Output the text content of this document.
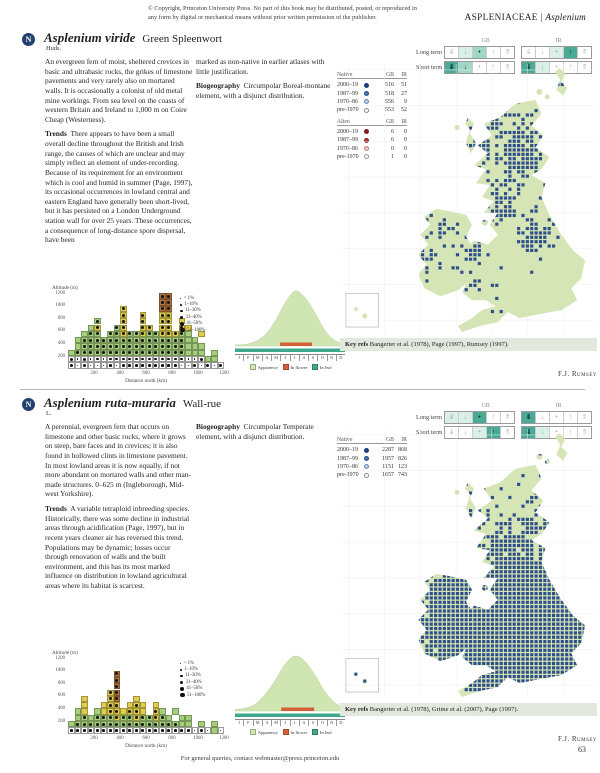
© Copyright, Princeton University Press. No part of this book may be distributed, posted, or reproduced in any form by digital or mechanical means without prior written permission of the publisher.	ASPLENIACEAE | Asplenium
N Asplenium viride Green Spleenwort
Huds.
GB	IR
Long term ⇓	↓	•	↑	⇑	⇓	↓	•	↑	⇑
Short term ⇓	↓	•	↑	⇑	⇓	↓	•	↑	⇑

An evergreen fern of moist, sheltered crevices in basic and ultrabasic rocks, the grikes of limestone pavements and very rarely also on mortared walls. It is occasionally a colonist of old metal mine workings. From sea level on the coasts of western Britain and Ireland to 1,000 m on Coire Cheap (Westerness).

Trends  There appears to have been a small overall decline throughout the British and Irish range, the causes of which are unclear and may simply reflect an element of under-recording. Because of its requirement for an environment which is cool and humid in summer (Page, 1997), its occasional occurrences in lowland central and eastern England have generally been short-lived, but it has persisted on a London Underground station wall for over 25 years. These occurrences, a consequence of long-distance spore dispersal, have been

marked as non-native in earlier atlases with little justification.

Biogeography  Circumpolar Boreal-montane element, with a disjunct distribution.

Native	GB	IR
2000–19	516	51
1987–99	518	27
1970–86	556	9
pre-1970	553	52
Alien	GB	IR
2000–19	6	0
1987–99	6	0
1970–86	0	0
pre-1970	1	0
Altitude (m)
1200
1000
800
600
400
200
200	400	600	800	1000	1200
Distance north (km)
< 1%
1–10%
11–30%
31–40%
41–50%
51–100%
J	F	M	A	M	J	J	A	S	O	N	D
Apparency	In flower	In leaf
Key refs Bangerter et al. (1978), Page (1997), Rumsey (1997).
F.J. Rumsey
N Asplenium ruta-muraria Wall-rue
L.
GB	IR
Long term ⇓	↓	•	↑	⇑	⇓	↓	•	↑	⇑
Short term ⇓	↓	•	↑	⇑	⇓	↓	•	↑	⇑

A perennial, evergreen fern that occurs on limestone and other basic rocks, where it grows on steep, bare faces and in crevices; it is also found in hollowed clints in limestone pavement. In most lowland areas it is now equally, if not more abundant on mortared walls and other man-made structures. 0–625 m (Ingleborough, Mid-west Yorkshire).

Trends  A variable tetraploid inbreeding species. Historically, there was some decline in industrial areas through acidification (Page, 1997), but in recent years cleaner air has reversed this trend. Populations may be dynamic; losses occur through renovation of walls and the built environment, and this has its most marked influence on distribution in lowland agricultural areas where its habitat is scarcest.

Biogeography  Circumpolar Temperate element, with a disjunct distribution.	Native	GB	IR
2000–19	2287 868
1987–99	1957 826
1970–86	1151 123
pre-1970	1657 743
Altitude (m)
1200
1000
800
600
400
200
200	400	600	800	1000	1200
Distance north (km)
< 1%
1–10%
11–30%
31–40%
41–50%
51–100%
J	F	M	A	M	J	J	A	S	O	N	D
Apparency	In flower	In leaf
Key refs Bangerter et al. (1978), Grime et al. (2007), Page (1997).
F.J. Rumsey
For general queries, contact webmaster@press.princeton.edu
63
